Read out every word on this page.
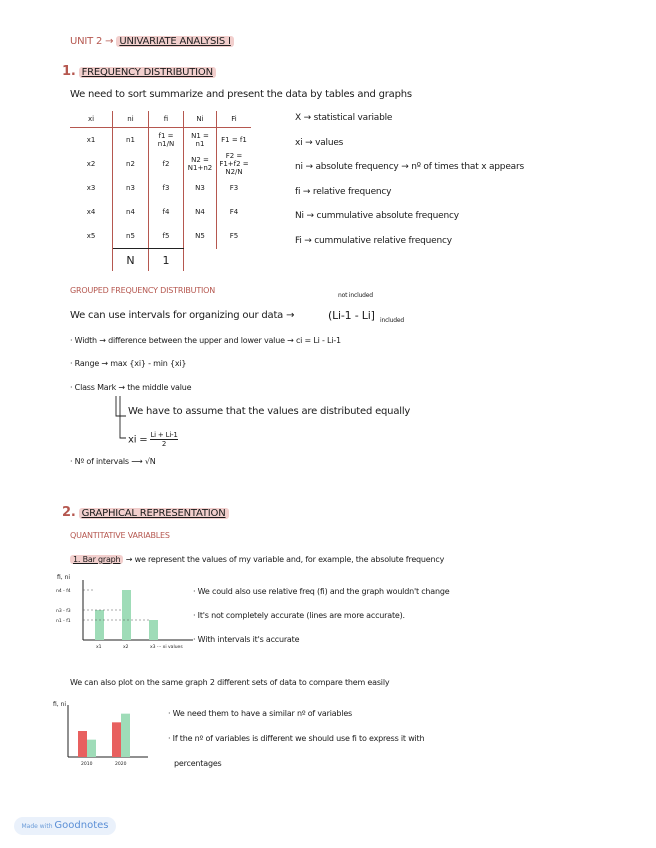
UNIT 2 → UNIVARIATE ANALYSIS I
1. FREQUENCY DISTRIBUTION
We need to sort summarize and present the data by tables and graphs
xi	ni	fi	Ni	Fi
x1	n1	f1 = n1/N	N1 = n1	F1 = f1
x2	n2	f2	N2 = N1+n2	F2 = F1+f2 = N2/N
x3	n3	f3	N3	F3
x4	n4	f4	N4	F4
x5	n5	f5	N5	F5
	N	1		
X → statistical variable
xi → values
ni → absolute frequency → nº of times that x appears
fi → relative frequency
Ni → cummulative absolute frequency
Fi → cummulative relative frequency
GROUPED FREQUENCY DISTRIBUTION
We can use intervals for organizing our data →	(Li-1 - Li]
not included
included
· Width → difference between the upper and lower value → ci = Li - Li-1
· Range → max {xi} - min {xi}
· Class Mark → the middle value
We have to assume that the values are distributed equally
xi = $\frac{Li + Li-1}{2}$
· Nº of intervals ⟶ √N
2. GRAPHICAL REPRESENTATION
QUANTITATIVE VARIABLES
1. Bar graph → we represent the values of my variable and, for example, the absolute frequency
fi, ni
x1	x2	x3 ··· xi values
n4 - f4
n3 - f3
n1 - f1
· We could also use relative freq (fi) and the graph wouldn't change
· It's not completely accurate (lines are more accurate).
· With intervals it's accurate
We can also plot on the same graph 2 different sets of data to compare them easily
fi, ni
2010	2020
· We need them to have a similar nº of variables
· If the nº of variables is different we should use fi to express it with
percentages
Made with Goodnotes
